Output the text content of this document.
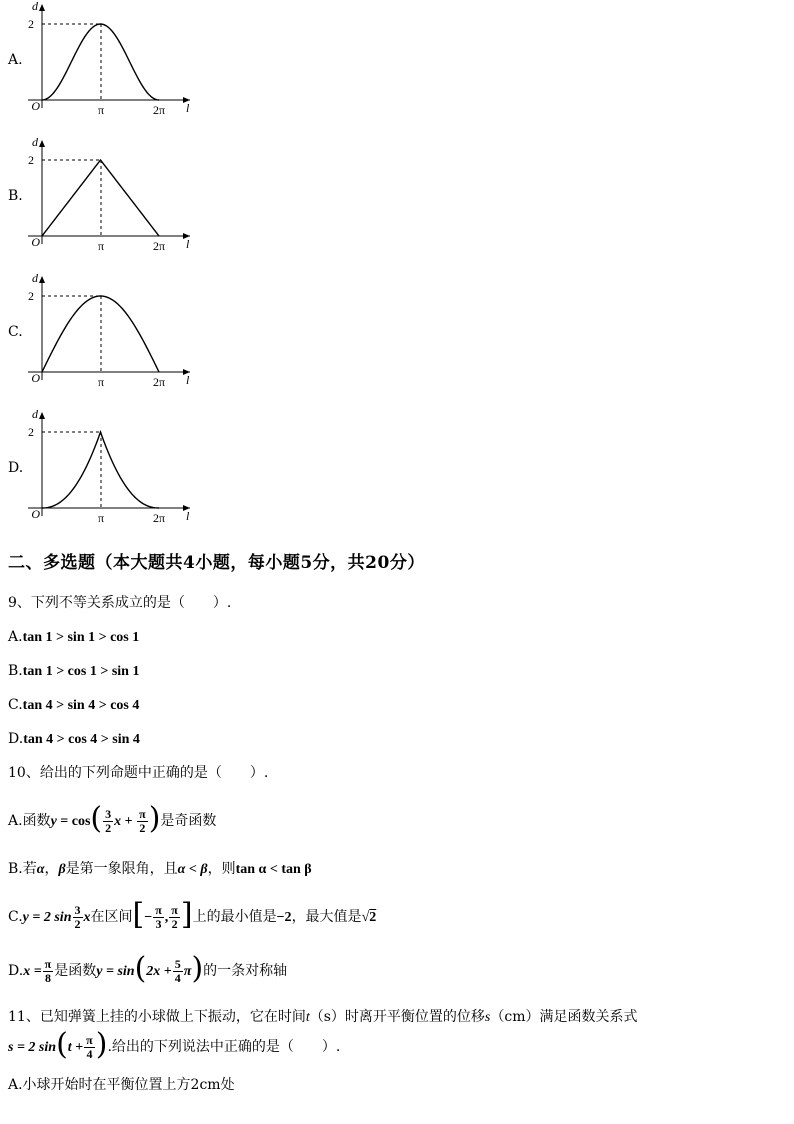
A.
d
2
O	π	2π l
B.
d
2
O	π	2π l
C.
d
2
O	π	2π l
D.
d
2
O	π	2π l
二、多选题（本大题共4小题，每小题5分，共20分）
9、下列不等关系成立的是（　　）.
A.tan 1 > sin 1 > cos 1
B.tan 1 > cos 1 > sin 1
C.tan 4 > sin 4 > cos 4
D.tan 4 > cos 4 > sin 4
10、给出的下列命题中正确的是（　　）.
A.函数$y = \cos( \frac{3}{2}$ $x + \frac{\pi}{2}$ )是奇函数
B.若α，β是第一象限角，且α < β，则tan α < tan β
C.y = 2 $\sin \frac{3}{2}$ x在区间[− $\frac{\pi}{3}$ , $\frac{\pi}{2}$ ]上的最小值是−2，最大值是√2
$D.x = \frac{\pi}{8}$ 是函数$y = \sin(2x + \frac{5}{4} \pi)$的一条对称轴
11、已知弹簧上挂的小球做上下振动，它在时间t（s）时离开平衡位置的位移s（cm）满足函数关系式
s = 2 $\sin(t + \frac{\pi}{4}$ ).给出的下列说法中正确的是（　　）.
A.小球开始时在平衡位置上方2cm处
